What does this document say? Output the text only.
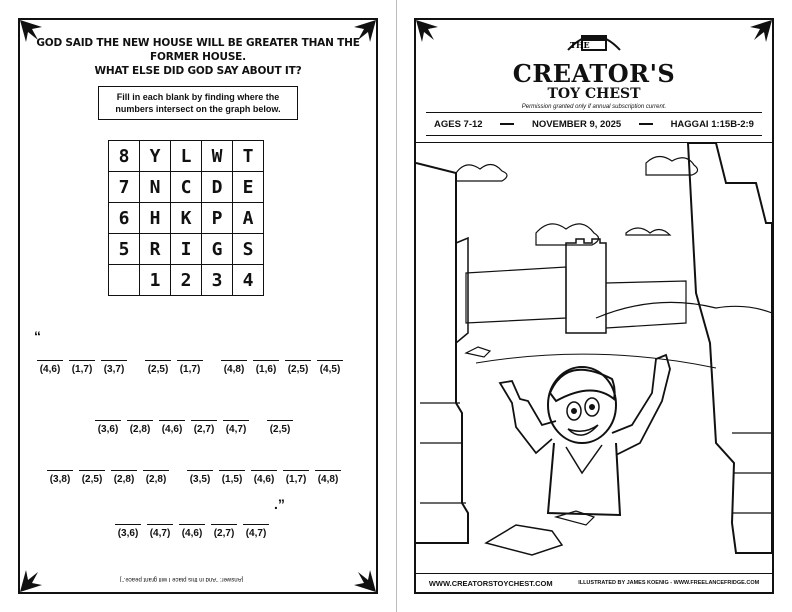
GOD SAID THE NEW HOUSE WILL BE GREATER THAN THE FORMER HOUSE.
WHAT ELSE DID GOD SAY ABOUT IT?
Fill in each blank by finding where the numbers intersect on the graph below.
8	Y	L	W	T
7	N	C	D	E
6	H	K	P	A
5	R	I	G	S
	1	2	3	4
“
(4,6)	(1,7)	(3,7)	(2,5)	(1,7)	(4,8)	(1,6)	(2,5)	(4,5)
(3,6)	(2,8)	(4,6)	(2,7)	(4,7)	(2,5)
(3,8)	(2,5)	(2,8)	(2,8)	(3,5)	(1,5)	(4,6)	(1,7)	(4,8)
(3,6)	(4,7)	(4,6)	(2,7)	(4,7)
.”
[Answer: "And in this place I will grant peace."]
THE
CREATOR'S
TOY CHEST
Permission granted only if annual subscription current.
AGES 7-12	NOVEMBER 9, 2025	HAGGAI 1:15B-2:9
WWW.CREATORSTOYCHEST.COM	ILLUSTRATED BY JAMES KOENIG - WWW.FREELANCEFRIDGE.COM
